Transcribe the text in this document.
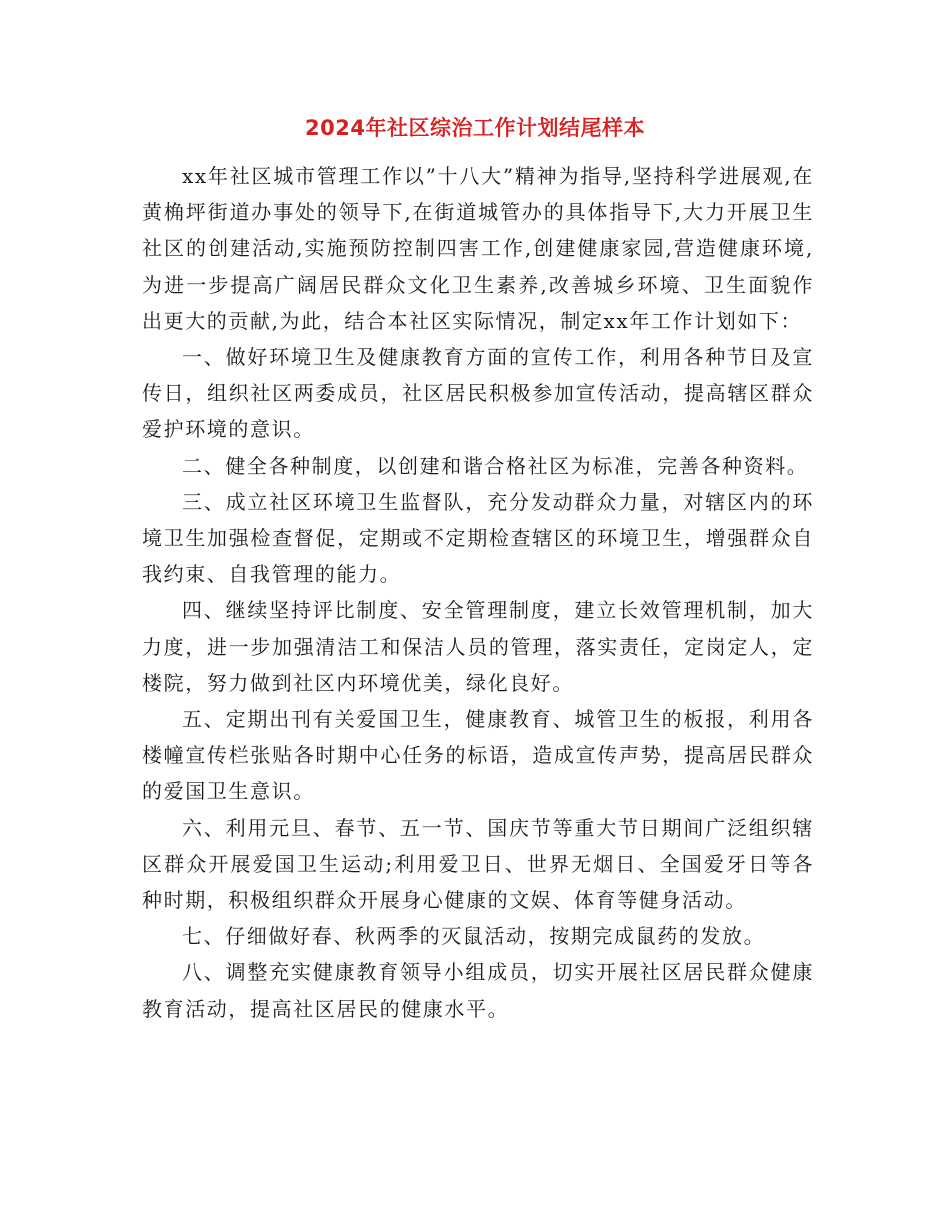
2024年社区综治工作计划结尾样本

xx年社区城市管理工作以”十八大”精神为指导,坚持科学进展观,在黄桷坪街道办事处的领导下,在街道城管办的具体指导下,大力开展卫生社区的创建活动,实施预防控制四害工作,创建健康家园,营造健康环境,为进一步提高广阔居民群众文化卫生素养,改善城乡环境、卫生面貌作出更大的贡献,为此，结合本社区实际情况，制定xx年工作计划如下：

一、做好环境卫生及健康教育方面的宣传工作，利用各种节日及宣传日，组织社区两委成员，社区居民积极参加宣传活动，提高辖区群众爱护环境的意识。

二、健全各种制度，以创建和谐合格社区为标准，完善各种资料。

三、成立社区环境卫生监督队，充分发动群众力量，对辖区内的环境卫生加强检查督促，定期或不定期检查辖区的环境卫生，增强群众自我约束、自我管理的能力。

四、继续坚持评比制度、安全管理制度，建立长效管理机制，加大力度，进一步加强清洁工和保洁人员的管理，落实责任，定岗定人，定楼院，努力做到社区内环境优美，绿化良好。

五、定期出刊有关爱国卫生，健康教育、城管卫生的板报，利用各楼幢宣传栏张贴各时期中心任务的标语，造成宣传声势，提高居民群众的爱国卫生意识。

六、利用元旦、春节、五一节、国庆节等重大节日期间广泛组织辖区群众开展爱国卫生运动;利用爱卫日、世界无烟日、全国爱牙日等各种时期，积极组织群众开展身心健康的文娱、体育等健身活动。

七、仔细做好春、秋两季的灭鼠活动，按期完成鼠药的发放。

八、调整充实健康教育领导小组成员，切实开展社区居民群众健康教育活动，提高社区居民的健康水平。
